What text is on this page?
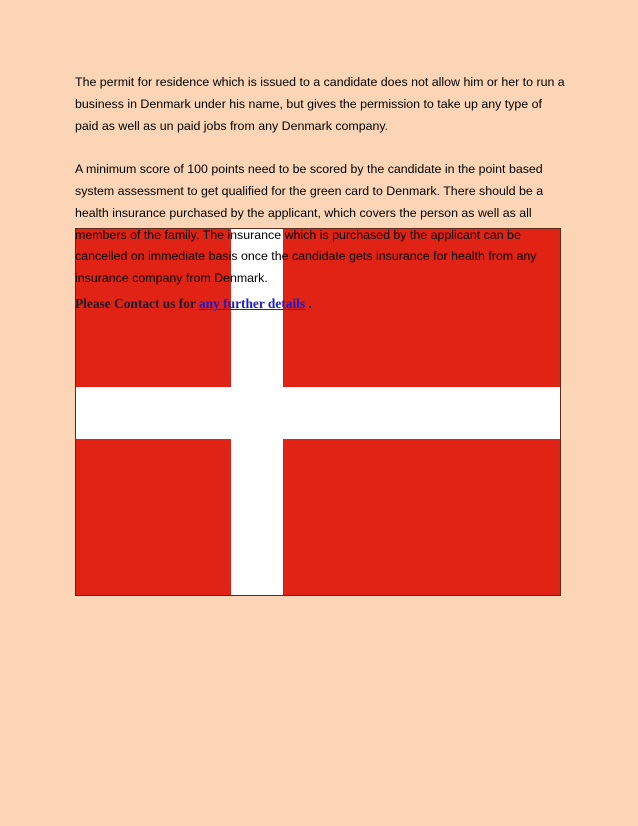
The permit for residence which is issued to a candidate does not allow him or her to run a business in Denmark under his name, but gives the permission to take up any type of paid as well as un paid jobs from any Denmark company.

A minimum score of 100 points need to be scored by the candidate in the point based system assessment to get qualified for the green card to Denmark. There should be a health insurance purchased by the applicant, which covers the person as well as all members of the family. The insurance which is purchased by the applicant can be cancelled on immediate basis once the candidate gets insurance for health from any insurance company from Denmark.

Please Contact us for any further details .
